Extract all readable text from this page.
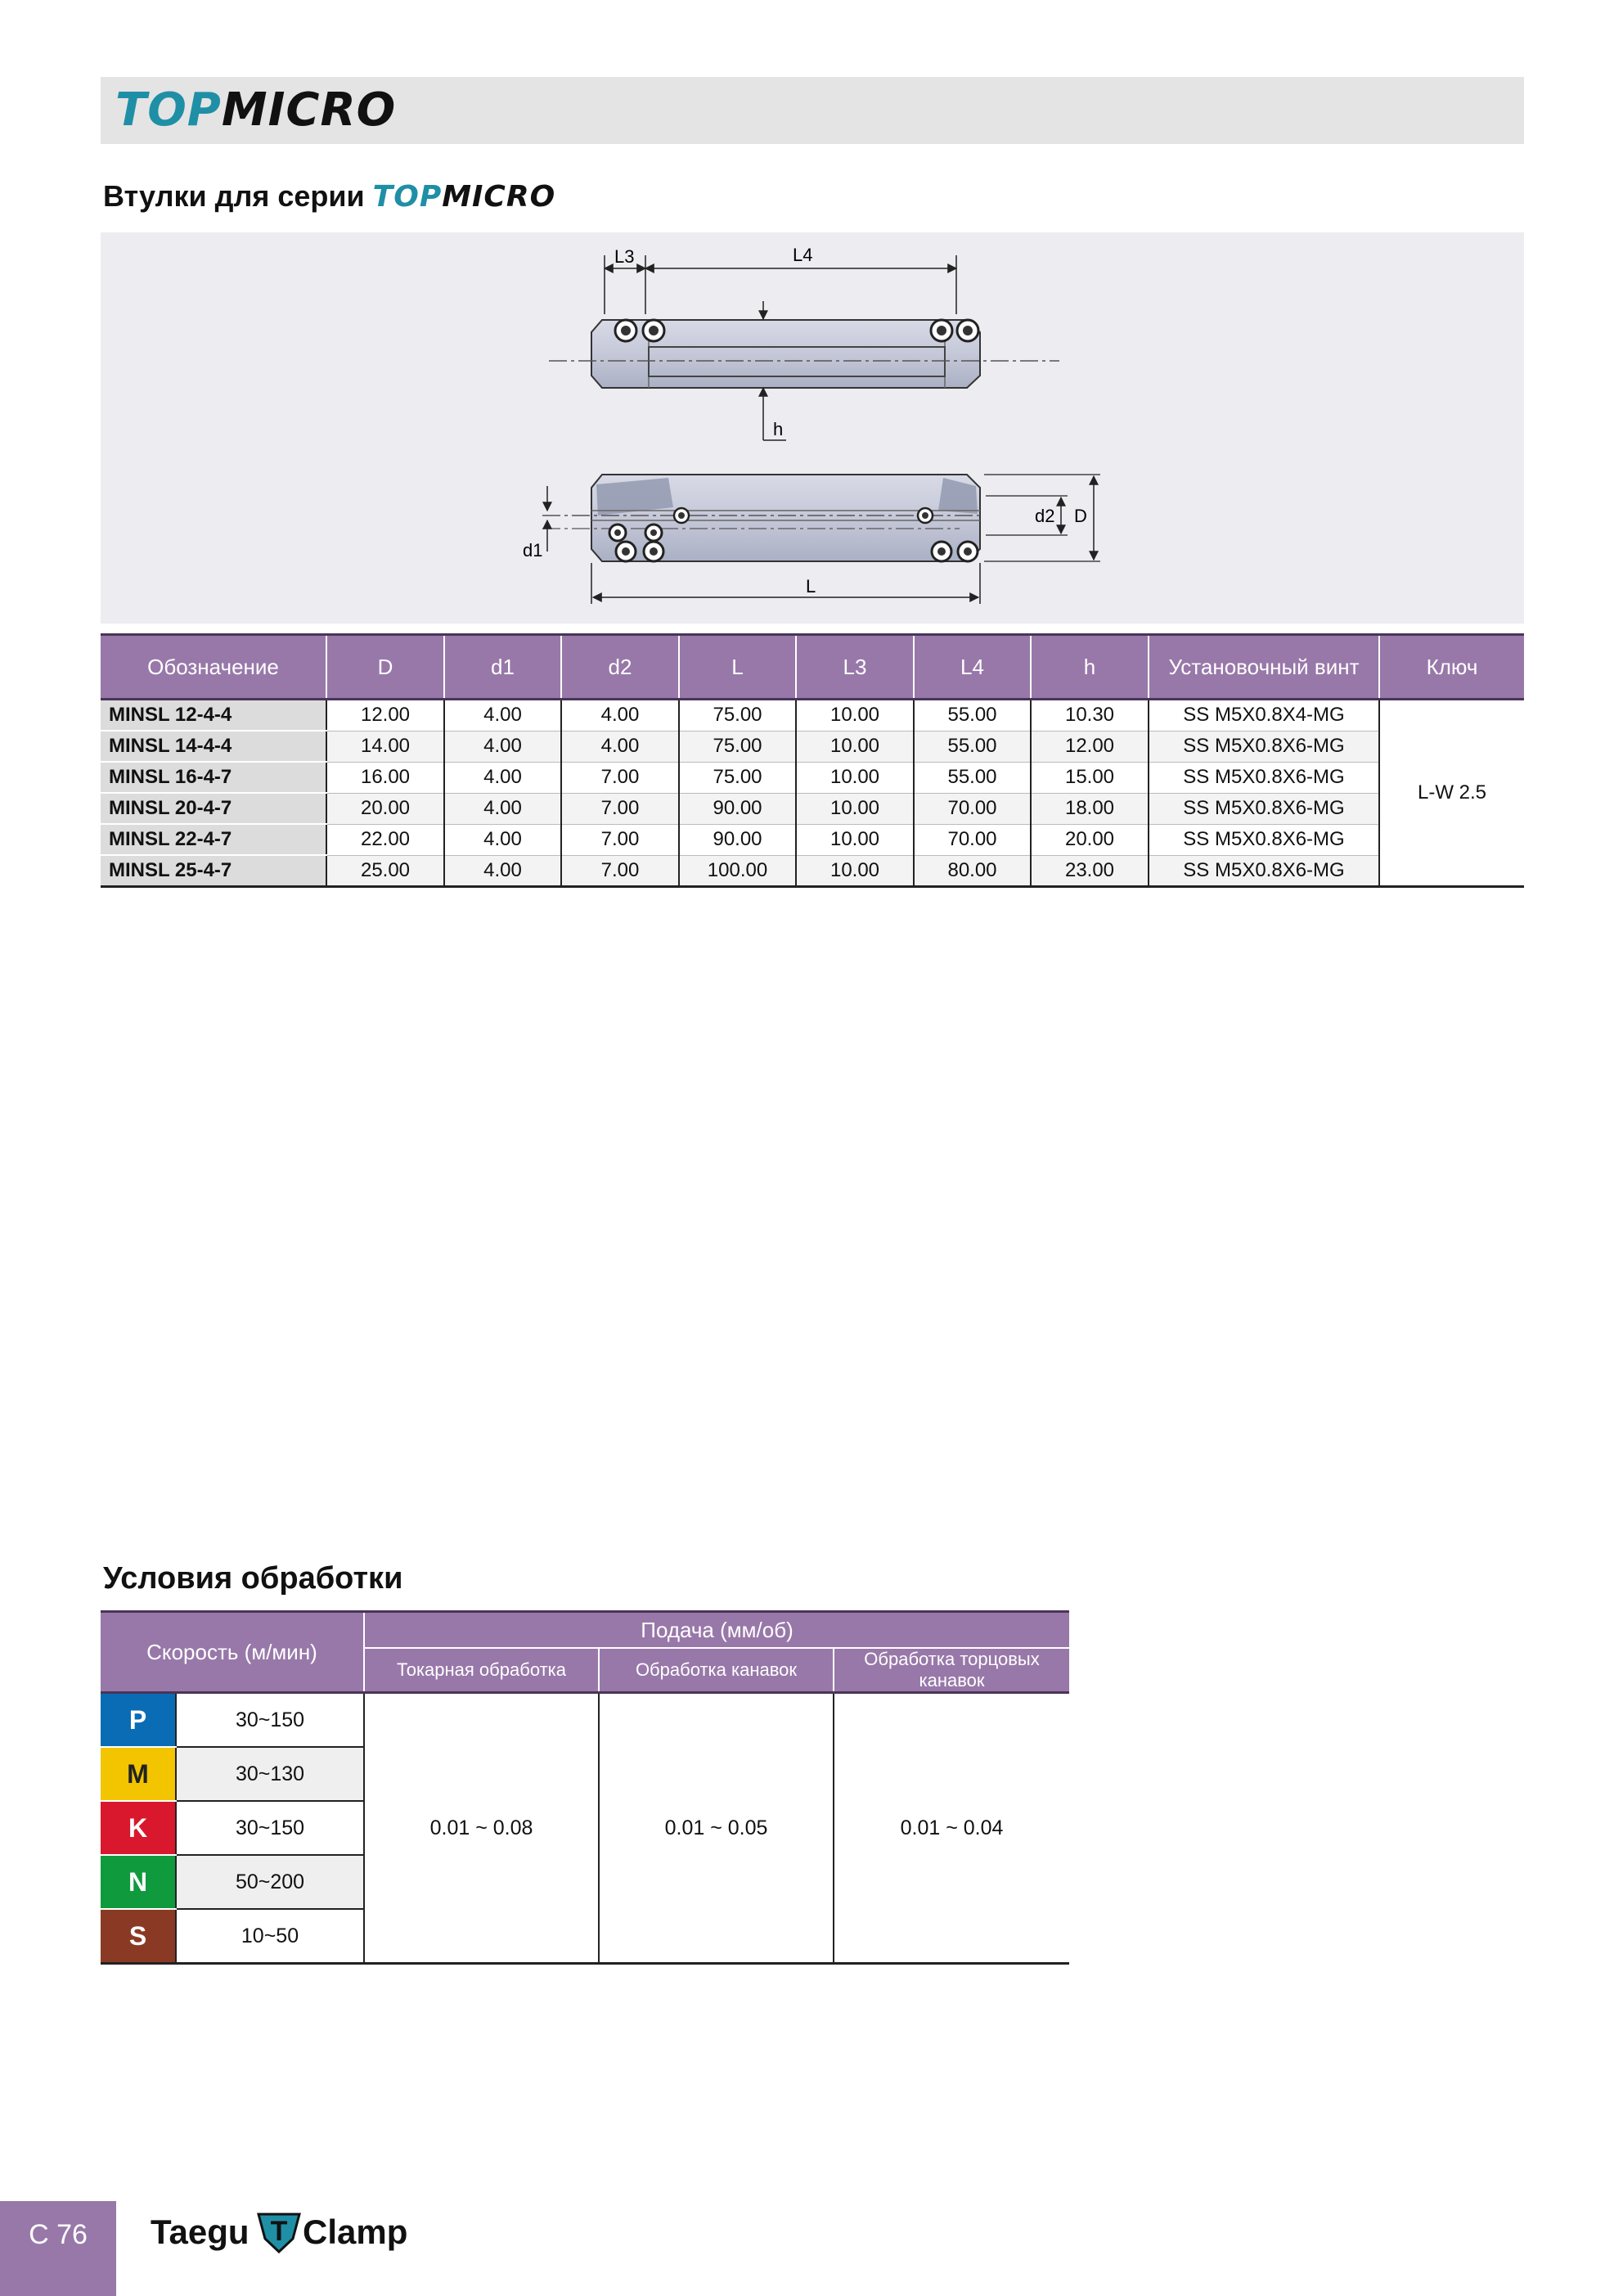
TOPMICRO
Втулки для серии TOPMICRO
L3	L4
h
d1
d2 D
L
Обозначение	D	d1	d2	L	L3	L4	h	Установочный винт	Ключ
MINSL 12-4-4	12.00	4.00	4.00	75.00	10.00	55.00	10.30	SS M5X0.8X4-MG	L-W 2.5
MINSL 14-4-4	14.00	4.00	4.00	75.00	10.00	55.00	12.00	SS M5X0.8X6-MG	
MINSL 16-4-7	16.00	4.00	7.00	75.00	10.00	55.00	15.00	SS M5X0.8X6-MG	
MINSL 20-4-7	20.00	4.00	7.00	90.00	10.00	70.00	18.00	SS M5X0.8X6-MG	
MINSL 22-4-7	22.00	4.00	7.00	90.00	10.00	70.00	20.00	SS M5X0.8X6-MG	
MINSL 25-4-7	25.00	4.00	7.00	100.00	10.00	80.00	23.00	SS M5X0.8X6-MG	
Условия обработки
Скорость (м/мин)		Подача (мм/об)		
		Токарная обработка	Обработка канавок	Обработка торцовых канавок
P	30~150	0.01 ~ 0.08	0.01 ~ 0.05	0.01 ~ 0.04
M	30~130			
K	30~150			
N	50~200			
S	10~50			
C 76	Taegu T Clamp
